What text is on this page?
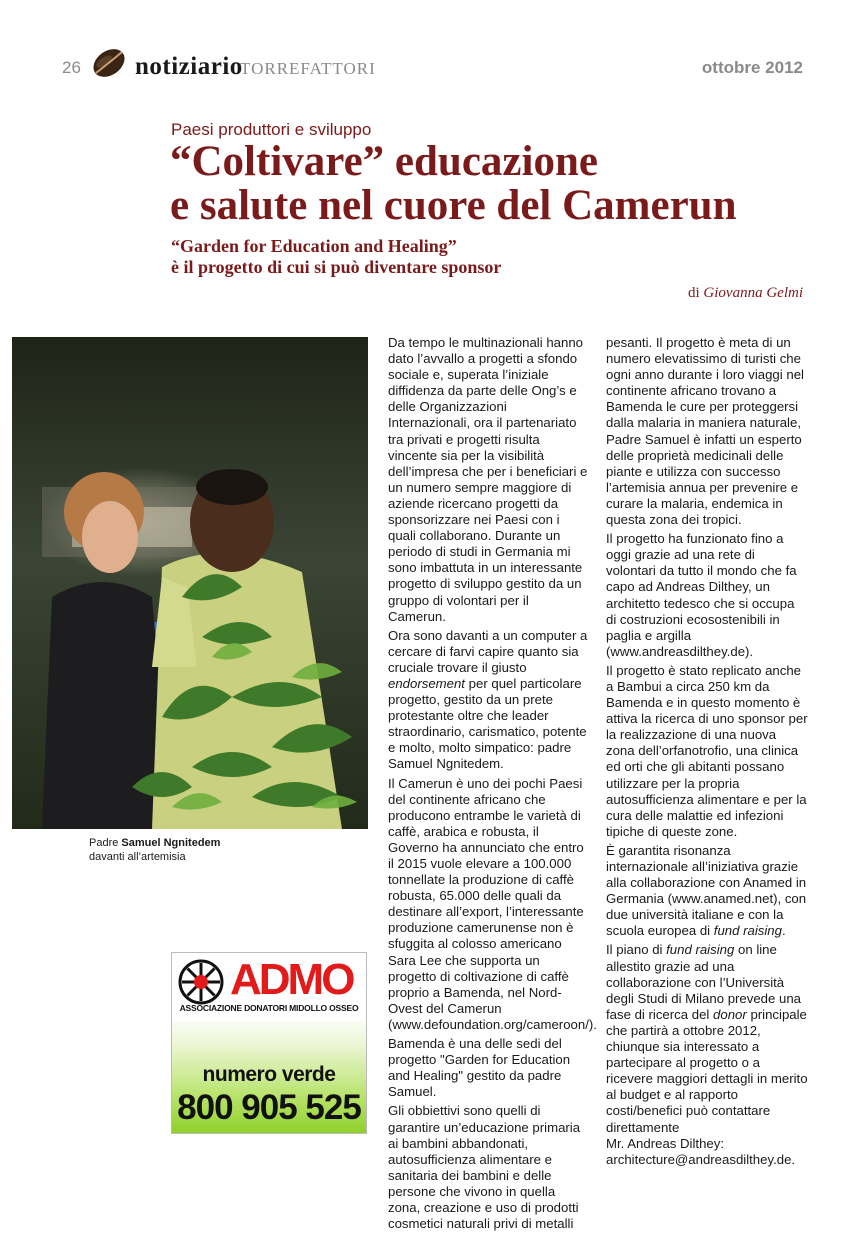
26 notiziario
TORREFATTORI	ottobre 2012
Paesi produttori e sviluppo
“Coltivare” educazione
e salute nel cuore del Camerun
“Garden for Education and Healing”
è il progetto di cui si può diventare sponsor
di Giovanna Gelmi
Padre Samuel Ngnitedem
davanti all’artemisia

Da tempo le multinazionali hanno dato l’avvallo a progetti a sfondo sociale e, superata l’iniziale diffidenza da parte delle Ong’s e delle Organizzazioni Internazionali, ora il partenariato tra privati e progetti risulta vincente sia per la visibilità dell’impresa che per i beneficiari e un numero sempre maggiore di aziende ricercano progetti da sponsorizzare nei Paesi con i quali collaborano. Durante un periodo di studi in Germania mi sono imbattuta in un interessante progetto di sviluppo gestito da un gruppo di volontari per il Camerun.

Ora sono davanti a un computer a cercare di farvi capire quanto sia cruciale trovare il giusto endorsement per quel particolare progetto, gestito da un prete protestante oltre che leader straordinario, carismatico, potente e molto, molto simpatico: padre Samuel Ngnitedem.

Il Camerun è uno dei pochi Paesi del continente africano che producono entrambe le varietà di caffè, arabica e robusta, il Governo ha annunciato che entro il 2015 vuole elevare a 100.000 tonnellate la produzione di caffè robusta, 65.000 delle quali da destinare all’export, l’interessante produzione camerunense non è sfuggita al colosso americano Sara Lee che supporta un progetto di coltivazione di caffè proprio a Bamenda, nel Nord-Ovest del Camerun (www.defoundation.org/cameroon/).

Bamenda è una delle sedi del progetto "Garden for Education and Healing" gestito da padre Samuel.

Gli obbiettivi sono quelli di garantire un’educazione primaria ai bambini abbandonati, autosufficienza alimentare e sanitaria dei bambini e delle persone che vivono in quella zona, creazione e uso di prodotti cosmetici naturali privi di metalli

pesanti. Il progetto è meta di un numero elevatissimo di turisti che ogni anno durante i loro viaggi nel continente africano trovano a Bamenda le cure per proteggersi dalla malaria in maniera naturale, Padre Samuel è infatti un esperto delle proprietà medicinali delle piante e utilizza con successo l’artemisia annua per prevenire e curare la malaria, endemica in questa zona dei tropici.

Il progetto ha funzionato fino a oggi grazie ad una rete di volontari da tutto il mondo che fa capo ad Andreas Dilthey, un architetto tedesco che si occupa di costruzioni ecosostenibili in paglia e argilla (www.andreasdilthey.de).

Il progetto è stato replicato anche a Bambui a circa 250 km da Bamenda e in questo momento è attiva la ricerca di uno sponsor per la realizzazione di una nuova zona dell’orfanotrofio, una clinica ed orti che gli abitanti possano utilizzare per la propria autosufficienza alimentare e per la cura delle malattie ed infezioni tipiche di queste zone.

È garantita risonanza internazionale all’iniziativa grazie alla collaborazione con Anamed in Germania (www.anamed.net), con due università italiane e con la scuola europea di fund raising.

Il piano di fund raising on line allestito grazie ad una collaborazione con l’Università degli Studi di Milano prevede una fase di ricerca del donor principale che partirà a ottobre 2012, chiunque sia interessato a partecipare al progetto o a ricevere maggiori dettagli in merito al budget e al rapporto costi/benefici può contattare direttamente
Mr. Andreas Dilthey:
architecture@andreasdilthey.de.

ADMO
ASSOCIAZIONE DONATORI MIDOLLO OSSEO
numero verde
800 905 525
